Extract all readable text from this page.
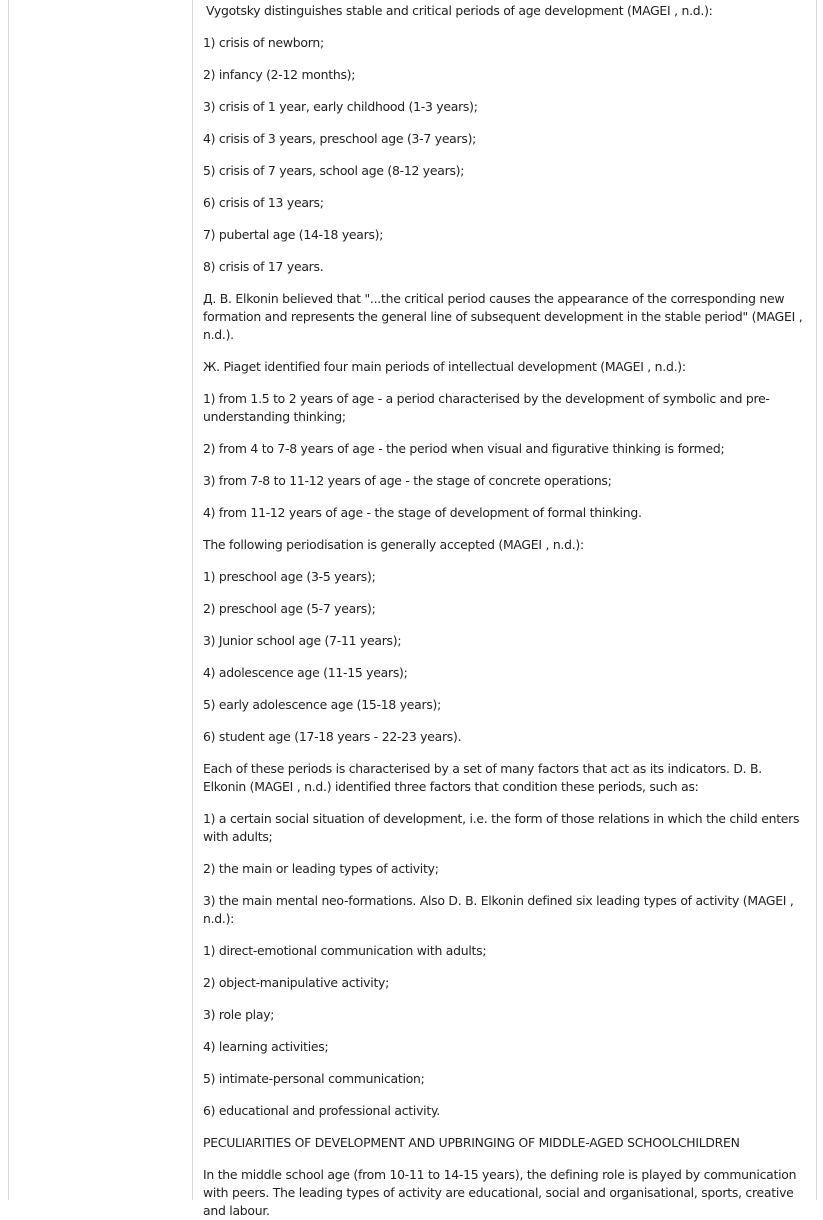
Vygotsky distinguishes stable and critical periods of age development (MAGEI , n.d.):

1) crisis of newborn;

2) infancy (2-12 months);

3) crisis of 1 year, early childhood (1-3 years);

4) crisis of 3 years, preschool age (3-7 years);

5) crisis of 7 years, school age (8-12 years);

6) crisis of 13 years;

7) pubertal age (14-18 years);

8) crisis of 17 years.

Д. В. Elkonin believed that "...the critical period causes the appearance of the corresponding new formation and represents the general line of subsequent development in the stable period" (MAGEI , n.d.).

Ж. Piaget identified four main periods of intellectual development (MAGEI , n.d.):

1) from 1.5 to 2 years of age - a period characterised by the development of symbolic and pre-understanding thinking;

2) from 4 to 7-8 years of age - the period when visual and figurative thinking is formed;

3) from 7-8 to 11-12 years of age - the stage of concrete operations;

4) from 11-12 years of age - the stage of development of formal thinking.

The following periodisation is generally accepted (MAGEI , n.d.):

1) preschool age (3-5 years);

2) preschool age (5-7 years);

3) Junior school age (7-11 years);

4) adolescence age (11-15 years);

5) early adolescence age (15-18 years);

6) student age (17-18 years - 22-23 years).

Each of these periods is characterised by a set of many factors that act as its indicators. D. B. Elkonin (MAGEI , n.d.) identified three factors that condition these periods, such as:

1) a certain social situation of development, i.e. the form of those relations in which the child enters with adults;

2) the main or leading types of activity;

3) the main mental neo-formations. Also D. B. Elkonin defined six leading types of activity (MAGEI , n.d.):

1) direct-emotional communication with adults;

2) object-manipulative activity;

3) role play;

4) learning activities;

5) intimate-personal communication;

6) educational and professional activity.

PECULIARITIES OF DEVELOPMENT AND UPBRINGING OF MIDDLE-AGED SCHOOLCHILDREN

In the middle school age (from 10-11 to 14-15 years), the defining role is played by communication with peers. The leading types of activity are educational, social and organisational, sports, creative and labour.
